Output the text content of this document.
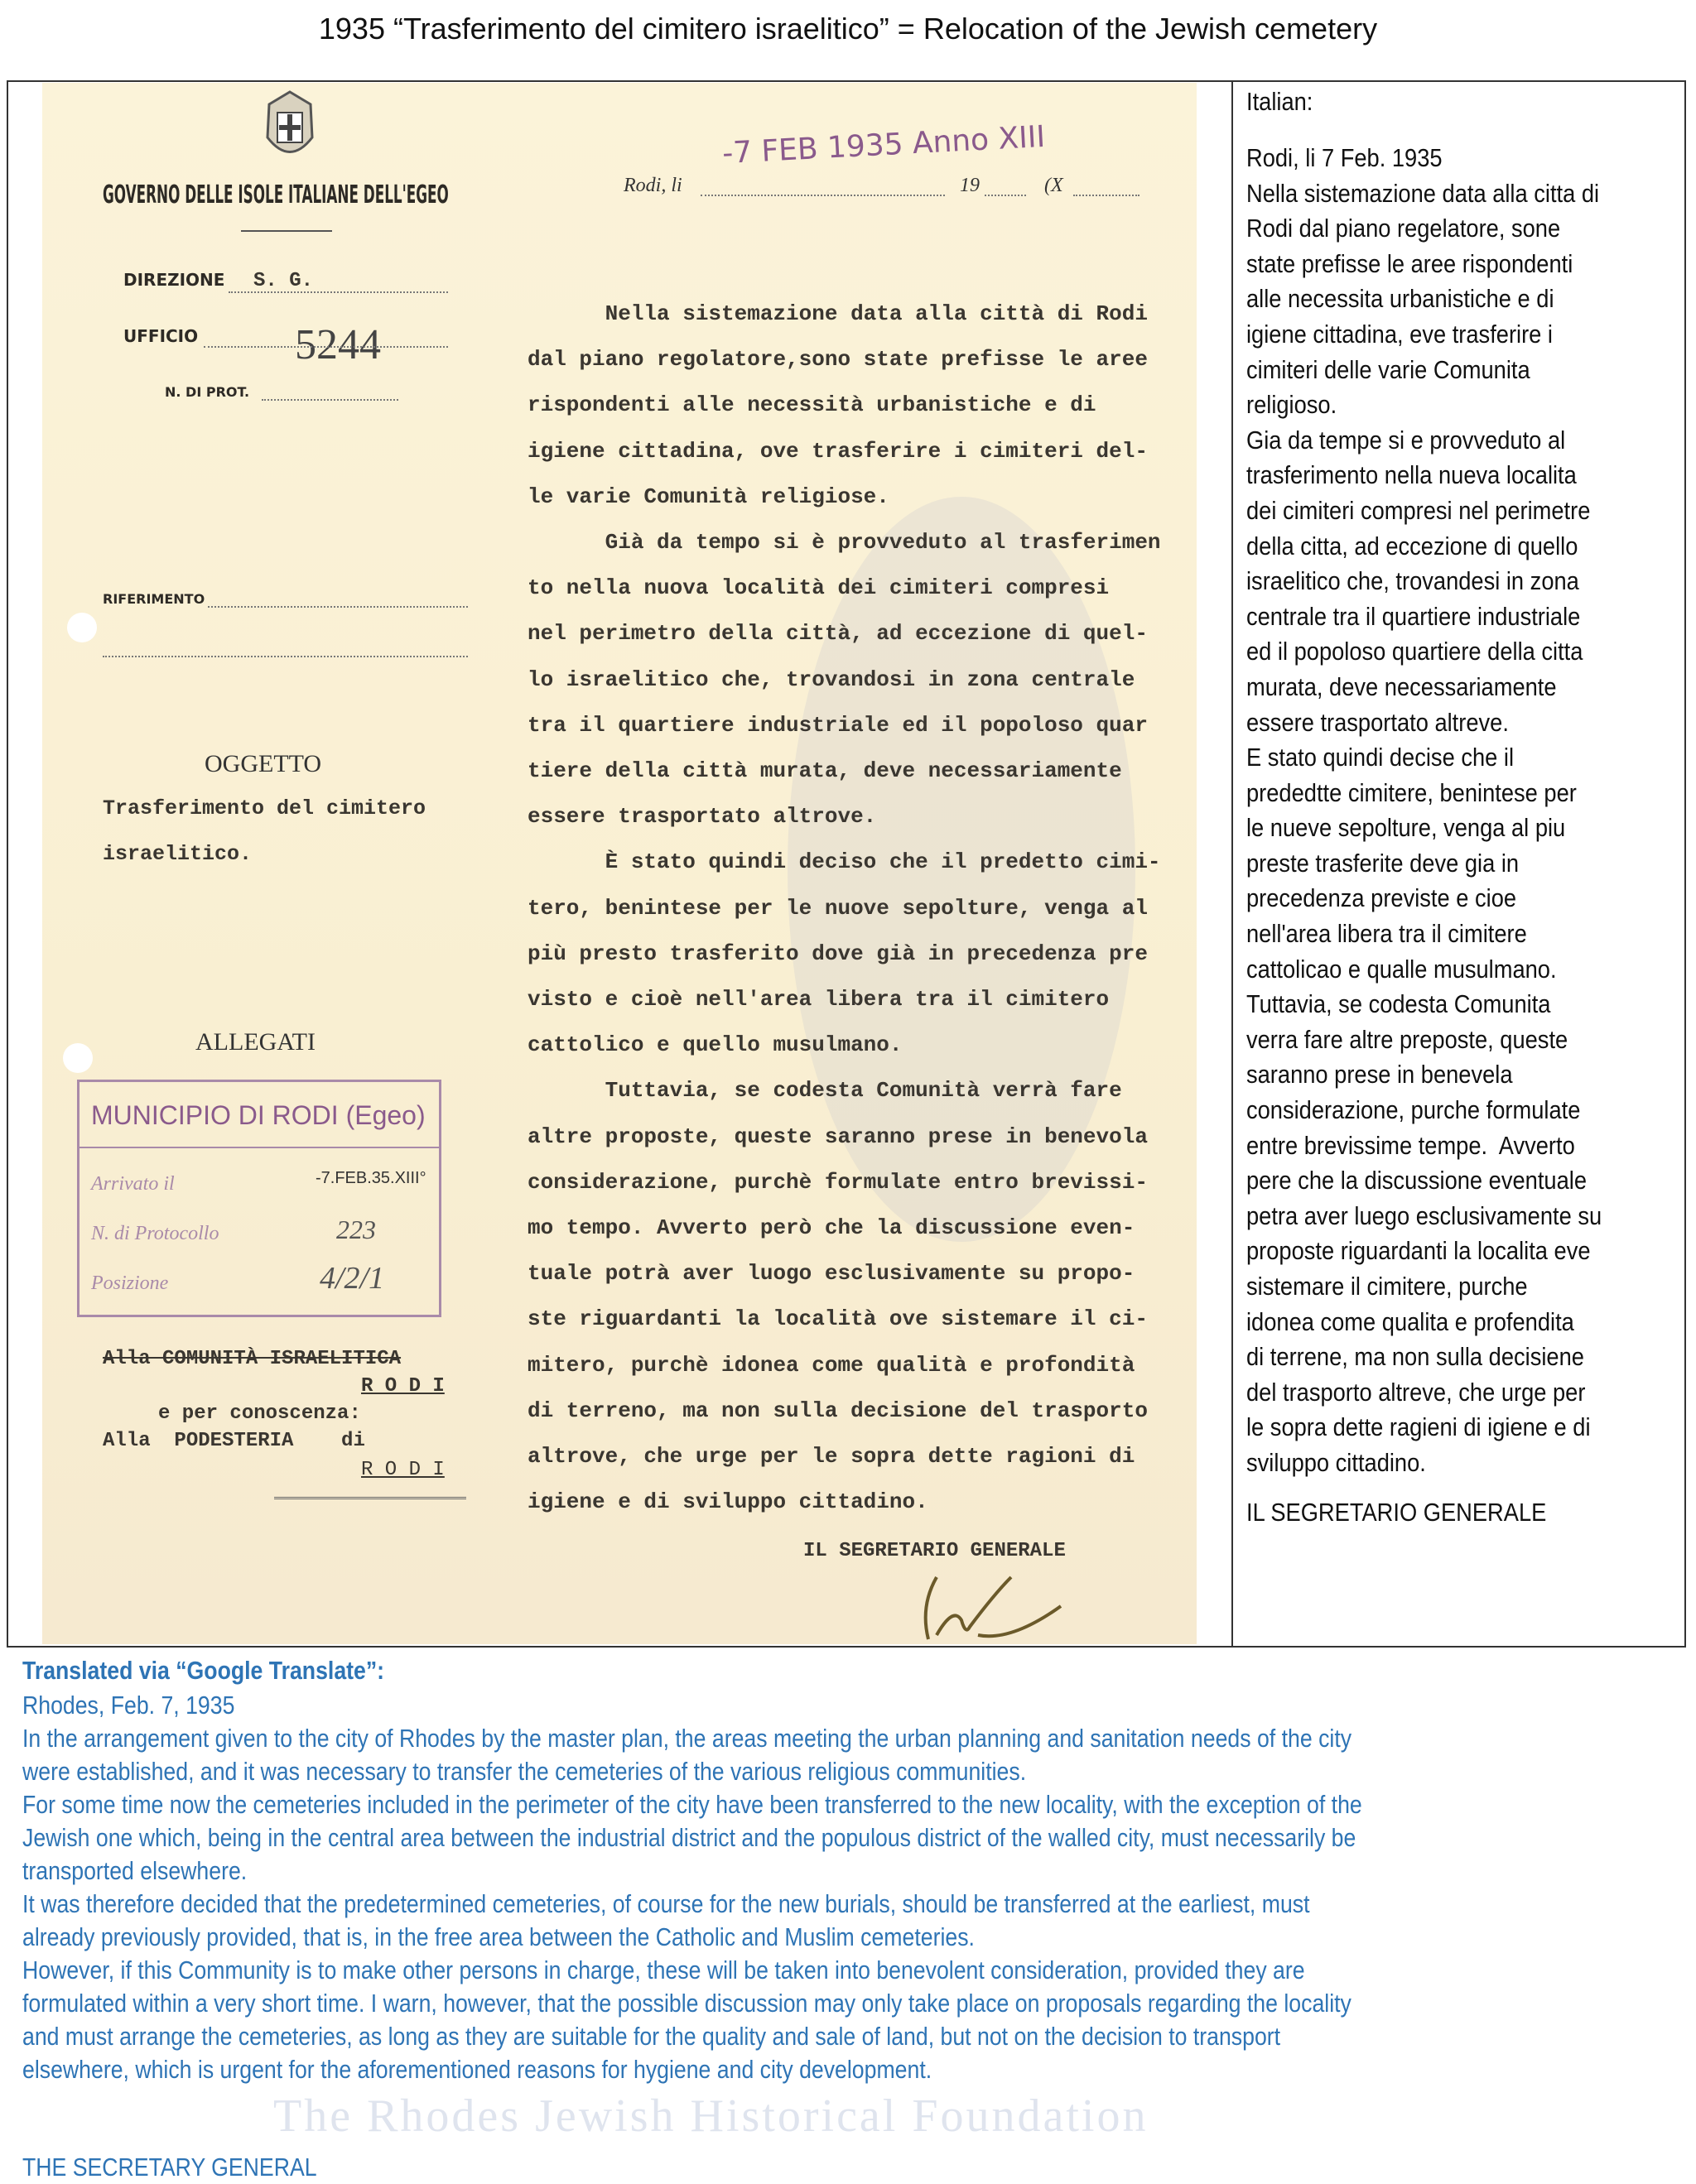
1935 “Trasferimento del cimitero israelitico” = Relocation of the Jewish cemetery
GOVERNO DELLE ISOLE ITALIANE DELL'EGEO	Rodi, li
-7 FEB 1935 Anno XIII
19	(X
DIREZIONE S. G.
UFFICIO 5244
N. DI PROT.
RIFERIMENTO
OGGETTO
Trasferimento del cimitero
israelitico.
ALLEGATI
MUNICIPIO DI RODI (Egeo)
Arrivato il	-7.FEB.35.XIII°
N. di Protocollo	223
Posizione	4/2/1
Alla COMUNITÀ ISRAELITICA
R O D I
e per conoscenza:
Alla  PODESTERIA    di
R O D I
Nella sistemazione data alla città di Rodi
dal piano regolatore,sono state prefisse le aree
rispondenti alle necessità urbanistiche e di
igiene cittadina, ove trasferire i cimiteri del-
le varie Comunità religiose.
Già da tempo si è provveduto al trasferimen
to nella nuova località dei cimiteri compresi
nel perimetro della città, ad eccezione di quel-
lo israelitico che, trovandosi in zona centrale
tra il quartiere industriale ed il popoloso quar
tiere della città murata, deve necessariamente
essere trasportato altrove.
È stato quindi deciso che il predetto cimi-
tero, benintese per le nuove sepolture, venga al
più presto trasferito dove già in precedenza pre
visto e cioè nell'area libera tra il cimitero
cattolico e quello musulmano.
Tuttavia, se codesta Comunità verrà fare
altre proposte, queste saranno prese in benevola
considerazione, purchè formulate entro brevissi-
mo tempo. Avverto però che la discussione even-
tuale potrà aver luogo esclusivamente su propo-
ste riguardanti la località ove sistemare il ci-
mitero, purchè idonea come qualità e profondità
di terreno, ma non sulla decisione del trasporto
altrove, che urge per le sopra dette ragioni di
igiene e di sviluppo cittadino.
IL SEGRETARIO GENERALE
Italian:
Rodi, li 7 Feb. 1935
Nella sistemazione data alla citta di
Rodi dal piano regelatore, sone
state prefisse le aree rispondenti
alle necessita urbanistiche e di
igiene cittadina, eve trasferire i
cimiteri delle varie Comunita
religioso.
Gia da tempe si e provveduto al
trasferimento nella nueva localita
dei cimiteri compresi nel perimetre
della citta, ad eccezione di quello
israelitico che, trovandesi in zona
centrale tra il quartiere industriale
ed il popoloso quartiere della citta
murata, deve necessariamente
essere trasportato altreve.
E stato quindi decise che il
prededtte cimitere, benintese per
le nueve sepolture, venga al piu
preste trasferite deve gia in
precedenza previste e cioe
nell'area libera tra il cimitere
cattolicao e qualle musulmano.
Tuttavia, se codesta Comunita
verra fare altre preposte, queste
saranno prese in benevela
considerazione, purche formulate
entre brevissime tempe.  Avverto
pere che la discussione eventuale
petra aver luego esclusivamente su
proposte riguardanti la localita eve
sistemare il cimitere, purche
idonea come qualita e profendita
di terrene, ma non sulla decisiene
del trasporto altreve, che urge per
le sopra dette ragieni di igiene e di
sviluppo cittadino.
IL SEGRETARIO GENERALE
Translated via “Google Translate”:
Rhodes, Feb. 7, 1935
In the arrangement given to the city of Rhodes by the master plan, the areas meeting the urban planning and sanitation needs of the city
were established, and it was necessary to transfer the cemeteries of the various religious communities.
For some time now the cemeteries included in the perimeter of the city have been transferred to the new locality, with the exception of the
Jewish one which, being in the central area between the industrial district and the populous district of the walled city, must necessarily be
transported elsewhere.
It was therefore decided that the predetermined cemeteries, of course for the new burials, should be transferred at the earliest, must
already previously provided, that is, in the free area between the Catholic and Muslim cemeteries.
However, if this Community is to make other persons in charge, these will be taken into benevolent consideration, provided they are
formulated within a very short time. I warn, however, that the possible discussion may only take place on proposals regarding the locality
and must arrange the cemeteries, as long as they are suitable for the quality and sale of land, but not on the decision to transport
elsewhere, which is urgent for the aforementioned reasons for hygiene and city development.
The Rhodes Jewish Historical Foundation
THE SECRETARY GENERAL
